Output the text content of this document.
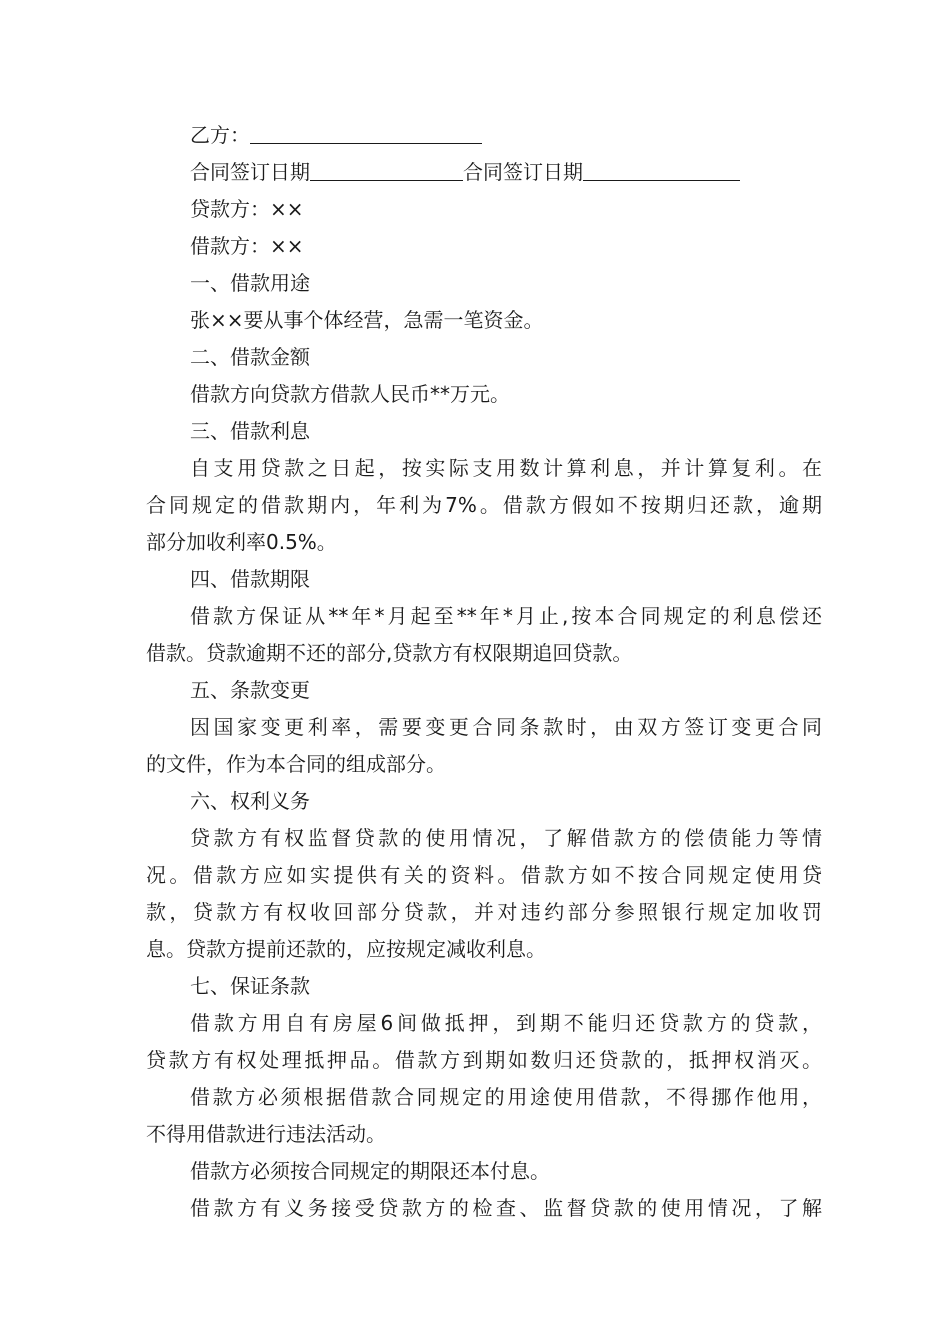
乙方：
合同签订日期	合同签订日期
贷款方：××
借款方：××
一、借款用途
张××要从事个体经营，急需一笔资金。
二、借款金额
借款方向贷款方借款人民币**万元。
三、借款利息
自支用贷款之日起，按实际支用数计算利息，并计算复利。在
合同规定的借款期内，年利为7%。借款方假如不按期归还款，逾期
部分加收利率0.5%。
四、借款期限
借款方保证从**年*月起至**年*月止,按本合同规定的利息偿还
借款。贷款逾期不还的部分,贷款方有权限期追回贷款。
五、条款变更
因国家变更利率，需要变更合同条款时，由双方签订变更合同
的文件，作为本合同的组成部分。
六、权利义务
贷款方有权监督贷款的使用情况，了解借款方的偿债能力等情
况。借款方应如实提供有关的资料。借款方如不按合同规定使用贷
款，贷款方有权收回部分贷款，并对违约部分参照银行规定加收罚
息。贷款方提前还款的，应按规定减收利息。
七、保证条款
借款方用自有房屋6间做抵押，到期不能归还贷款方的贷款，
贷款方有权处理抵押品。借款方到期如数归还贷款的，抵押权消灭。
借款方必须根据借款合同规定的用途使用借款，不得挪作他用，
不得用借款进行违法活动。
借款方必须按合同规定的期限还本付息。
借款方有义务接受贷款方的检查、监督贷款的使用情况，了解
